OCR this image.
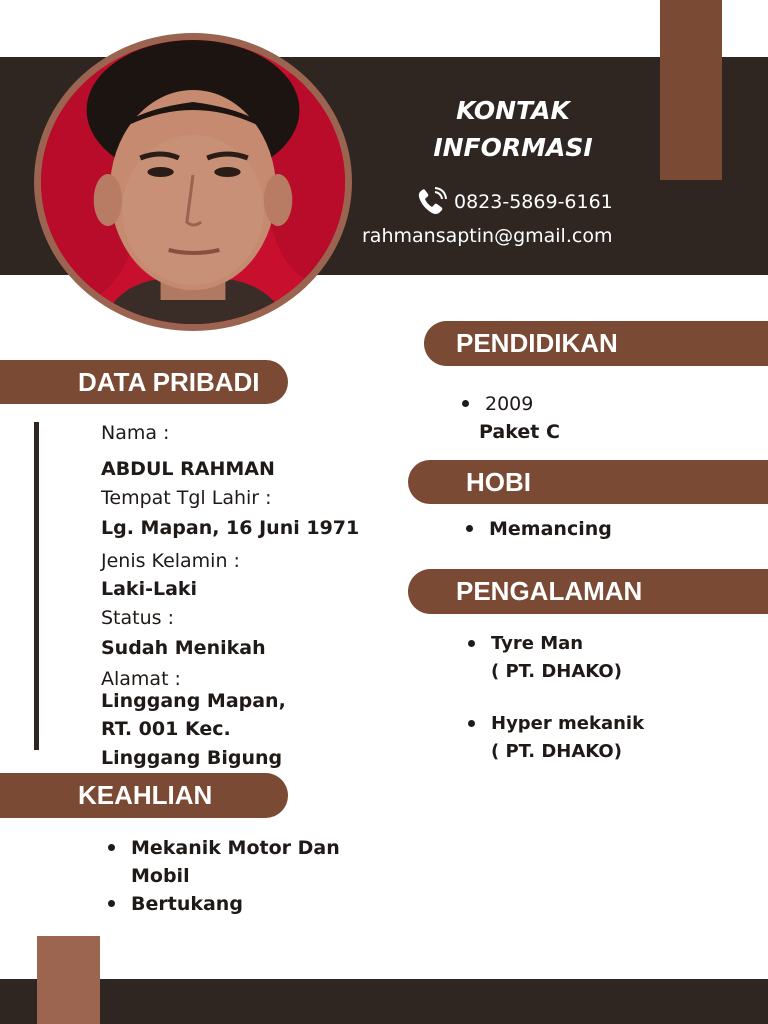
KONTAK
INFORMASI
0823-5869-6161
rahmansaptin@gmail.com
DATA PRIBADI
KEAHLIAN
PENDIDIKAN
HOBI
PENGALAMAN
Nama :
ABDUL RAHMAN
Tempat Tgl Lahir :
Lg. Mapan, 16 Juni 1971
Jenis Kelamin :
Laki-Laki
Status :
Sudah Menikah
Alamat :
Linggang Mapan,
RT. 001 Kec.
Linggang Bigung
2009
Paket C
Memancing
Tyre Man
( PT. DHAKO)
Hyper mekanik
( PT. DHAKO)
Mekanik Motor Dan
Mobil
Bertukang
